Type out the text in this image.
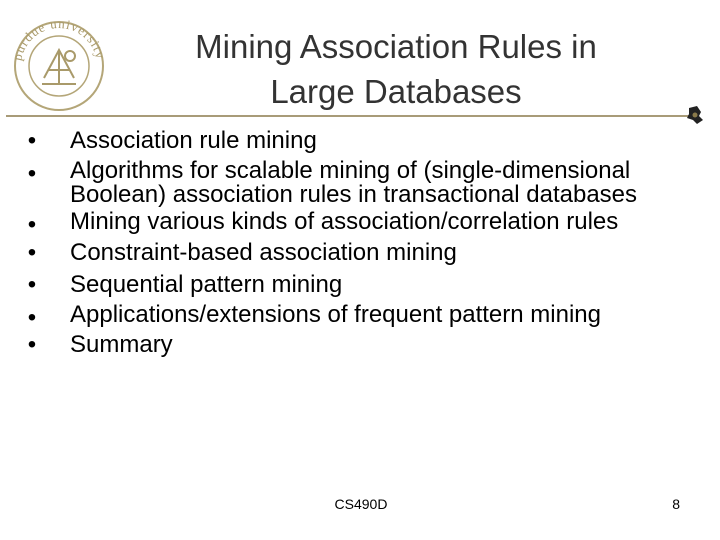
purdue university	Mining Association Rules in
Large Databases
• Association rule mining
• Algorithms for scalable mining of (single-dimensional Boolean) association rules in transactional databases
• Mining various kinds of association/correlation rules
• Constraint-based association mining
• Sequential pattern mining
• Applications/extensions of frequent pattern mining
• Summary
CS490D	8
